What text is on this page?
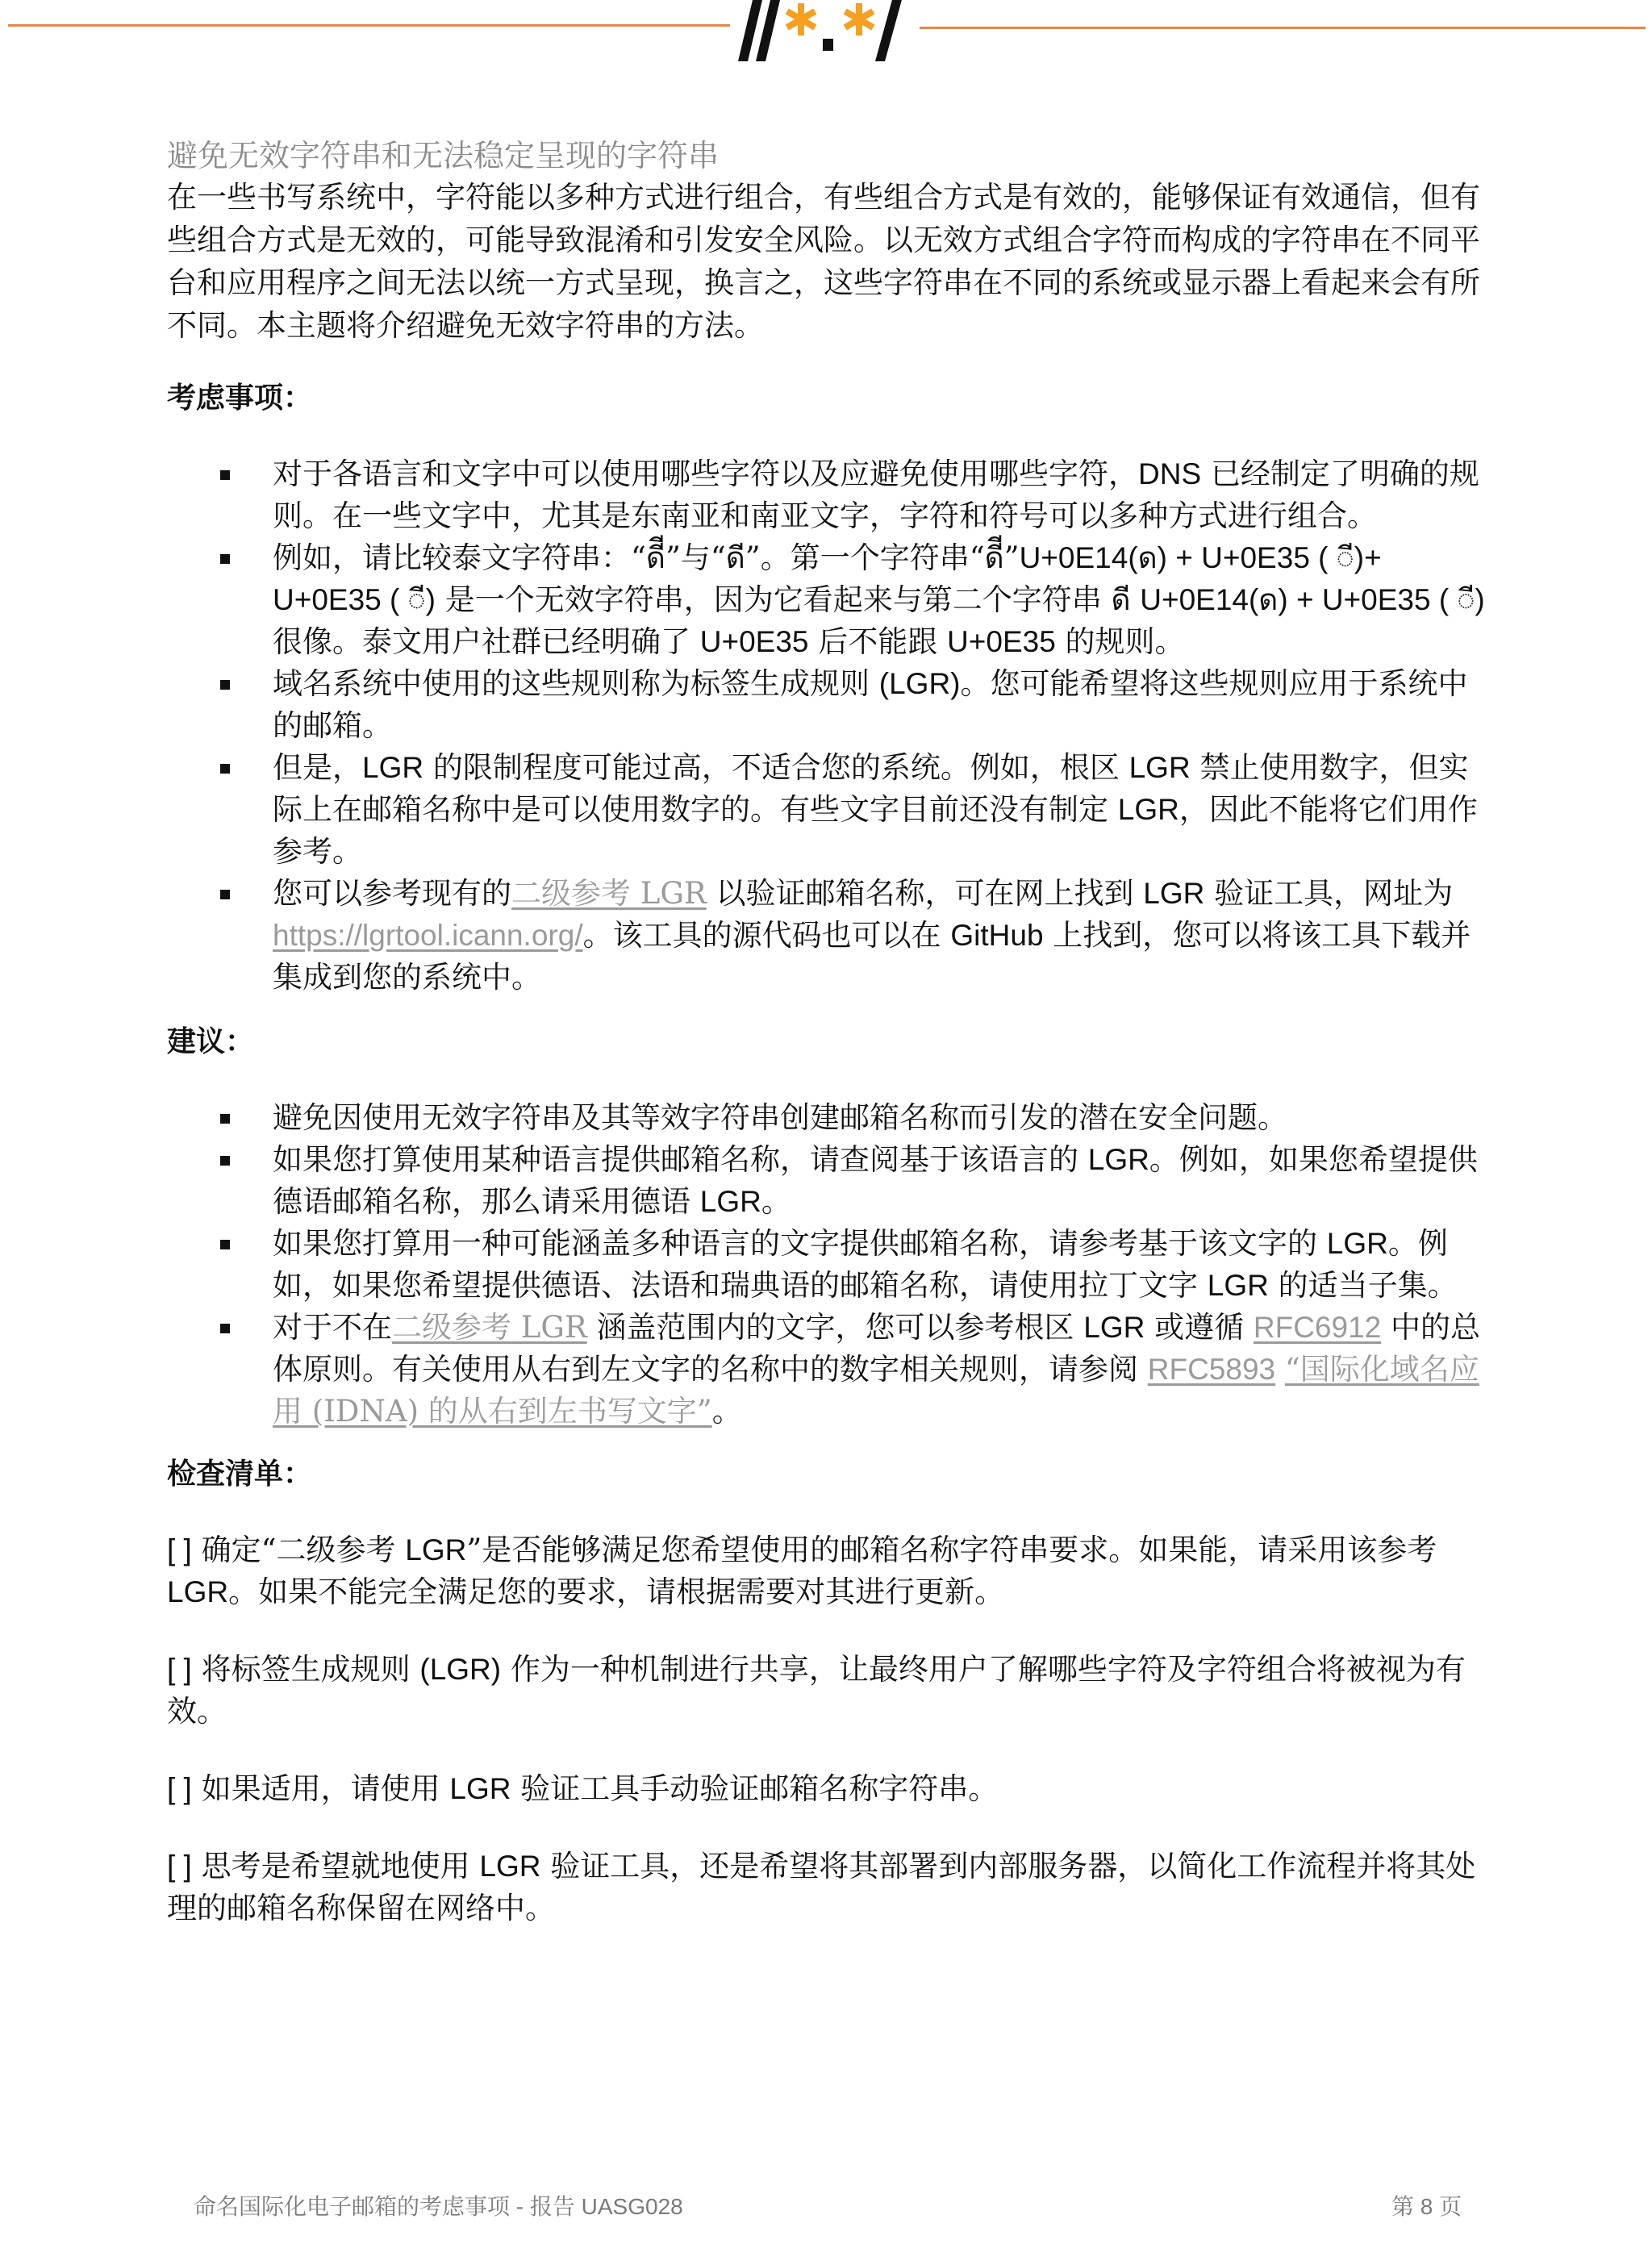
避免无效字符串和无法稳定呈现的字符串

在一些书写系统中，字符能以多种方式进行组合，有些组合方式是有效的，能够保证有效通信，但有些组合方式是无效的，可能导致混淆和引发安全风险。以无效方式组合字符而构成的字符串在不同平台和应用程序之间无法以统一方式呈现，换言之，这些字符串在不同的系统或显示器上看起来会有所不同。本主题将介绍避免无效字符串的方法。

考虑事项：
对于各语言和文字中可以使用哪些字符以及应避免使用哪些字符，DNS 已经制定了明确的规则。在一些文字中，尤其是东南亚和南亚文字，字符和符号可以多种方式进行组合。
例如，请比较泰文字符串：“ดีี”与“ดี”。第一个字符串“ดีี”U+0E14(ด) + U+0E35 ( ◌ี)+ U+0E35 ( ◌ี) 是一个无效字符串，因为它看起来与第二个字符串 ดี U+0E14(ด) + U+0E35 ( ◌ี) 很像。泰文用户社群已经明确了 U+0E35 后不能跟 U+0E35 的规则。
域名系统中使用的这些规则称为标签生成规则 (LGR)。您可能希望将这些规则应用于系统中的邮箱。
但是，LGR 的限制程度可能过高，不适合您的系统。例如，根区 LGR 禁止使用数字，但实际上在邮箱名称中是可以使用数字的。有些文字目前还没有制定 LGR，因此不能将它们用作参考。
您可以参考现有的二级参考 LGR 以验证邮箱名称，可在网上找到 LGR 验证工具，网址为 https://lgrtool.icann.org/。该工具的源代码也可以在 GitHub 上找到，您可以将该工具下载并集成到您的系统中。
建议：
避免因使用无效字符串及其等效字符串创建邮箱名称而引发的潜在安全问题。
如果您打算使用某种语言提供邮箱名称，请查阅基于该语言的 LGR。例如，如果您希望提供德语邮箱名称，那么请采用德语 LGR。
如果您打算用一种可能涵盖多种语言的文字提供邮箱名称，请参考基于该文字的 LGR。例如，如果您希望提供德语、法语和瑞典语的邮箱名称，请使用拉丁文字 LGR 的适当子集。
对于不在二级参考 LGR 涵盖范围内的文字，您可以参考根区 LGR 或遵循 RFC6912 中的总体原则。有关使用从右到左文字的名称中的数字相关规则，请参阅 RFC5893 “国际化域名应用 (IDNA) 的从右到左书写文字”。
检查清单：

[ ] 确定“二级参考 LGR”是否能够满足您希望使用的邮箱名称字符串要求。如果能，请采用该参考 LGR。如果不能完全满足您的要求，请根据需要对其进行更新。

[ ] 将标签生成规则 (LGR) 作为一种机制进行共享，让最终用户了解哪些字符及字符组合将被视为有效。

[ ] 如果适用，请使用 LGR 验证工具手动验证邮箱名称字符串。

[ ] 思考是希望就地使用 LGR 验证工具，还是希望将其部署到内部服务器，以简化工作流程并将其处理的邮箱名称保留在网络中。

命名国际化电子邮箱的考虑事项 - 报告 UASG028	第 8 页
